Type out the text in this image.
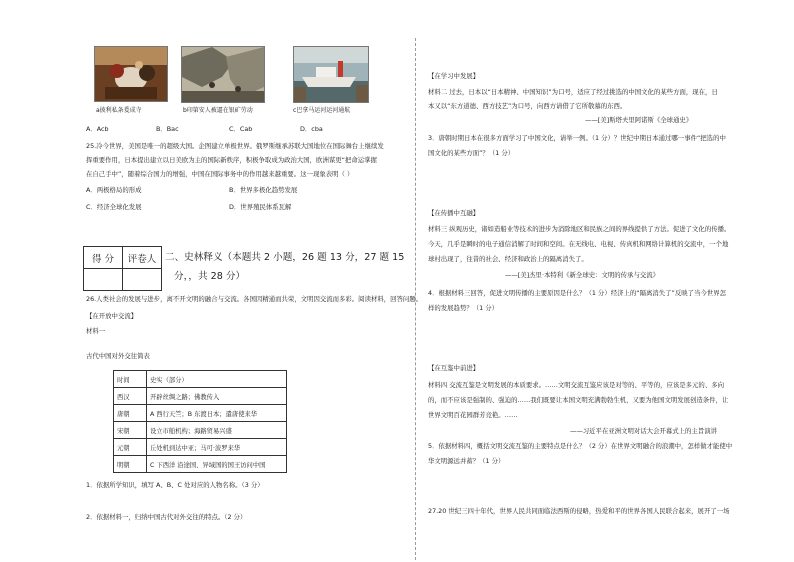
a披利私条爰成寺	b印第安人被逼在银矿劳动	c巴拿马运河运河通航
A．Acb	B．Bac	C．Cab	D．cba
25.冷今世界，美国是唯一的超级大国。企图建立单极世界。俄罗斯继承苏联大国地位在国际舞台上继续发
挥重要作用，日本提出建立以日美欧为主的国际新秩序，积极争取成为政治大国，欧洲谋更“把命运掌握
在自己手中”，随着综合国力的增强，中国在国际事务中的作用越来越重要。这一现象表明（ ）
A．两极格局的形成	B．世界多极化趋势发展
C．经济全球化发展	D．世界殖民体系瓦解
得 分	评卷人
	二、史林释义（本题共 2 小题，26 题 13 分，27 题 15
分，，共 28 分）
26.人类社会的发展与进步，离不开文明的融合与交流。各国因精通而共荣，文明因交流而多彩。阅读材料，回答问题。
【在开放中交流】
材料一
古代中国对外交往简表
时间	史实（部分）
西汉	开辟丝绸之路；佛教传入
唐朝	A 西行天竺；B 东渡日本；遣唐使来华
宋朝	设立市舶机构；海路贸易兴盛
元朝	丘处机到达中亚；马可·波罗来华
明朝	C 下西洋 沿途国、异域国的国王访问中国
1．依据所学知识，填写 A、B、C 处对应的人物名称。（3 分）
2．依据材料一，归纳中国古代对外交往的特点。（2 分）
【在学习中发展】
材料二 过去，日本以“日本精神、中国知识”为口号，适应了经过挑选的中国文化的某些方面，现在，日
本又以“东方道德、西方技艺”为口号，向西方请借了它所敬慕的东西。
——[美]斯塔夫里阿诺斯《全球通史》
3．唐朝时期日本在很多方面学习了中国文化，请举一例。（1 分）？世纪中期日本通过哪一事件“把选的中
国文化的某些方面”？（1 分）
【在传播中互融】
材料三 纵观历史，诸如造船业等技术的进步为消除地区和民族之间的界线提供了方法。促进了文化的传播。
今天，几乎是瞬时的电子通信消解了时间和空间。在无线电、电视、传真机和网络计算机的交流中，一个地
球村出现了，往昔的社会、经济和政治上的隔离消失了。
——[美]杰里·本特利《新全球史：文明的传承与交流》
4．根据材料三回答，促进文明传播的主要原因是什么？（1 分）经济上的“隔离消失了”反映了当今世界怎
样的发展趋势？（1 分）
【在互鉴中前进】
材料四 交流互鉴是文明发展的本质要求。……文明交流互鉴应该是对等的、平等的，应该是多元的、多向
的，而不应该是强制的、强迫的……我们既要让本国文明充满勃勃生机，又要为他国文明发展创造条件，让
世界文明百花园群芳竞艳。……
——习近平在亚洲文明对话大会开幕式上的主旨演讲
5．依据材料四，概括文明交流互鉴的主要特点是什么？（2 分）在世界文明融合的浪潮中，怎样做才能使中
华文明源远并蓄？（1 分）
27.20 世纪三四十年代，世界人民共同面临法西斯的侵略，热爱和平的世界各国人民联合起来，展开了一场
